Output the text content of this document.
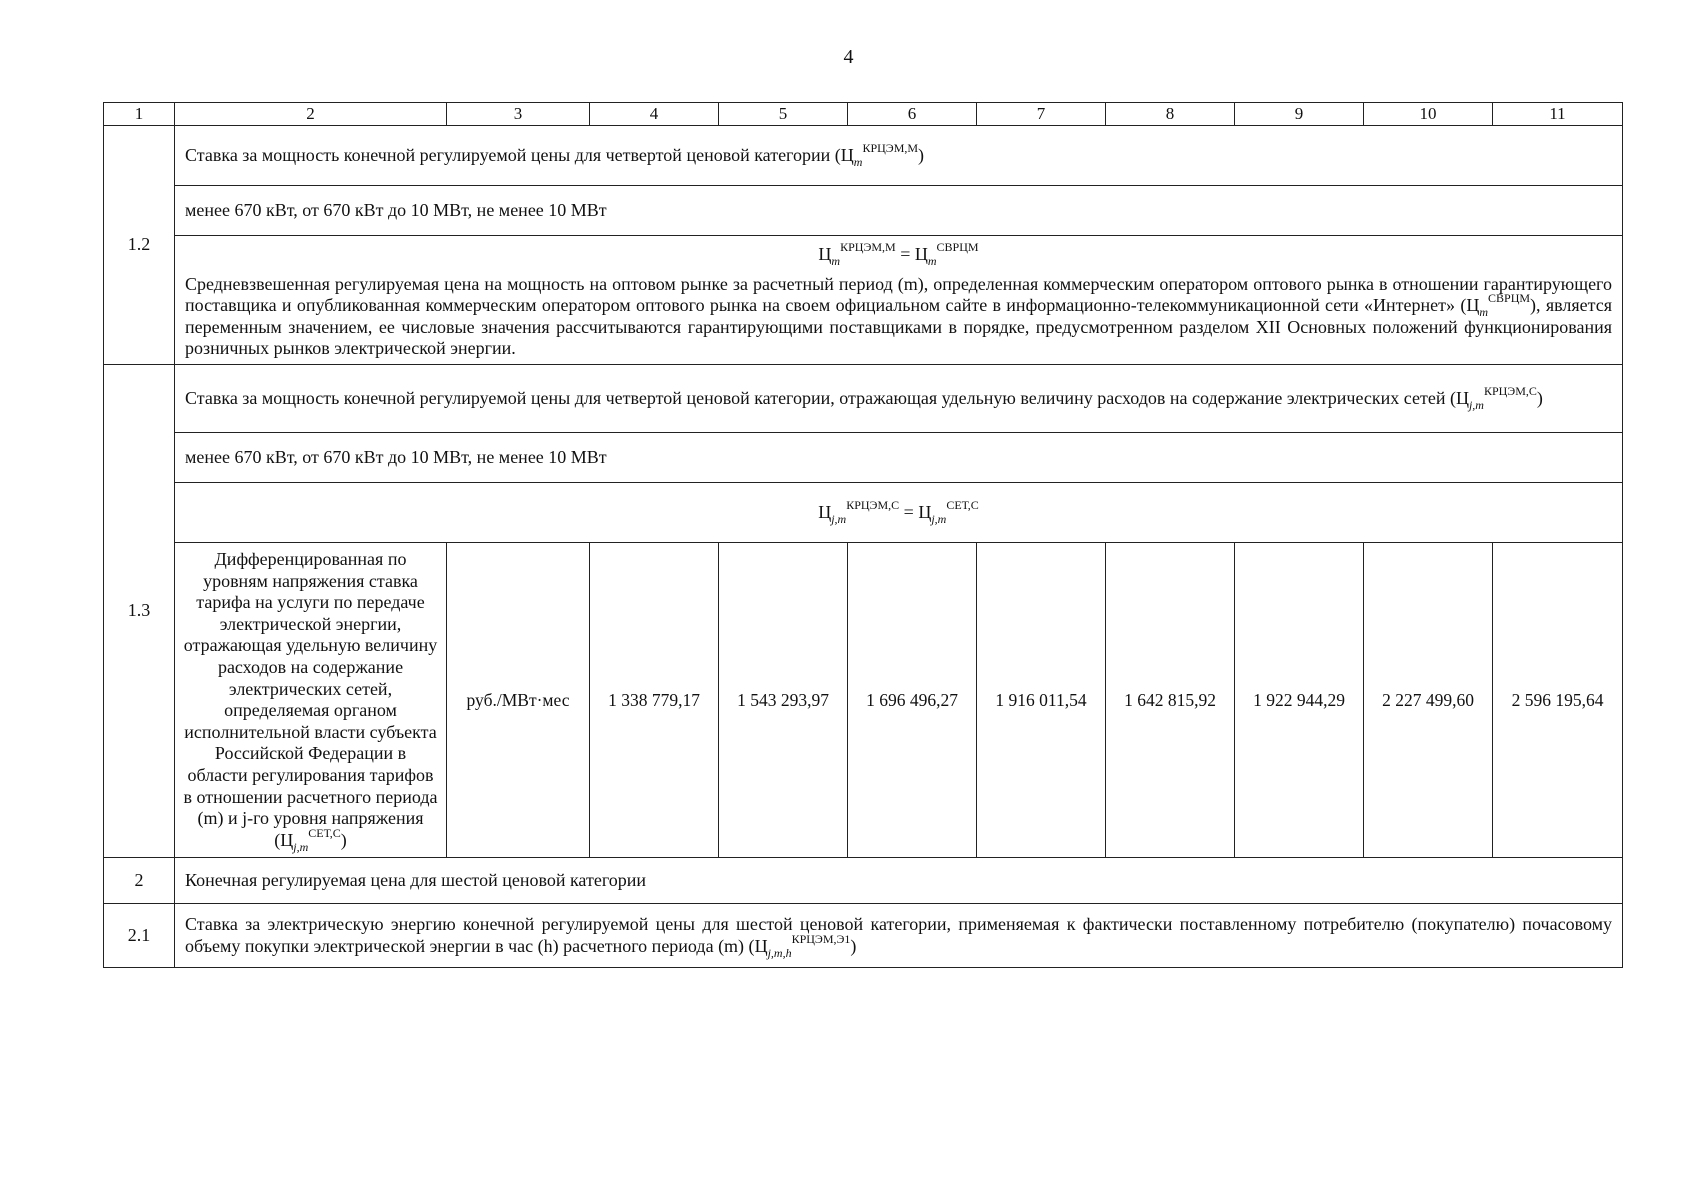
4
1	2	3	4	5	6	7	8	9	10	11
1.2	Ставка за мощность конечной регулируемой цены для четвертой ценовой категории $(Ц_m^{КРЦЭМ,М})$									
	менее 670 кВт, от 670 кВт до 10 МВт, не менее 10 МВт									

	$Ц_m^{КРЦЭМ,М} = Ц_m^{СВРЦМ}$
Средневзвешенная регулируемая цена на мощность на оптовом рынке за расчетный период (m), определенная коммерческим оператором оптового рынка в отношении гарантирующего поставщика и опубликованная коммерческим оператором оптового рынка на своем официальном сайте в информационно-телекоммуникационной сети «Интернет» $(Ц_m^{СВРЦМ})$, является переменным значением, ее числовые значения рассчитываются гарантирующими поставщиками в порядке, предусмотренном разделом XII Основных положений функционирования розничных рынков электрической энергии.									

1.3	Ставка за мощность конечной регулируемой цены для четвертой ценовой категории, отражающая удельную величину расходов на содержание электрических сетей $(Ц_{j,m}^{КРЦЭМ,С})$									
	менее 670 кВт, от 670 кВт до 10 МВт, не менее 10 МВт									
	$Ц_{j,m}^{КРЦЭМ,С} = Ц_{j,m}^{СЕТ,С}$
	Дифференцированная по уровням напряжения ставка тарифа на услуги по передаче электрической энергии, отражающая удельную величину расходов на содержание электрических сетей, определяемая органом исполнительной власти субъекта Российской Федерации в области регулирования тарифов в отношении расчетного периода (m) и j-го уровня напряжения $(Ц_{j,m}^{СЕТ,С})$	руб./МВт·мес	1 338 779,17	1 543 293,97	1 696 496,27	1 916 011,54	1 642 815,92	1 922 944,29	2 227 499,60	2 596 195,64
2	Конечная регулируемая цена для шестой ценовой категории									
2.1	Ставка за электрическую энергию конечной регулируемой цены для шестой ценовой категории, применяемая к фактически поставленному потребителю (покупателю) почасовому объему покупки электрической энергии в час (h) расчетного периода (m) $(Ц_{j,m,h}^{КРЦЭМ,Э1})$									
